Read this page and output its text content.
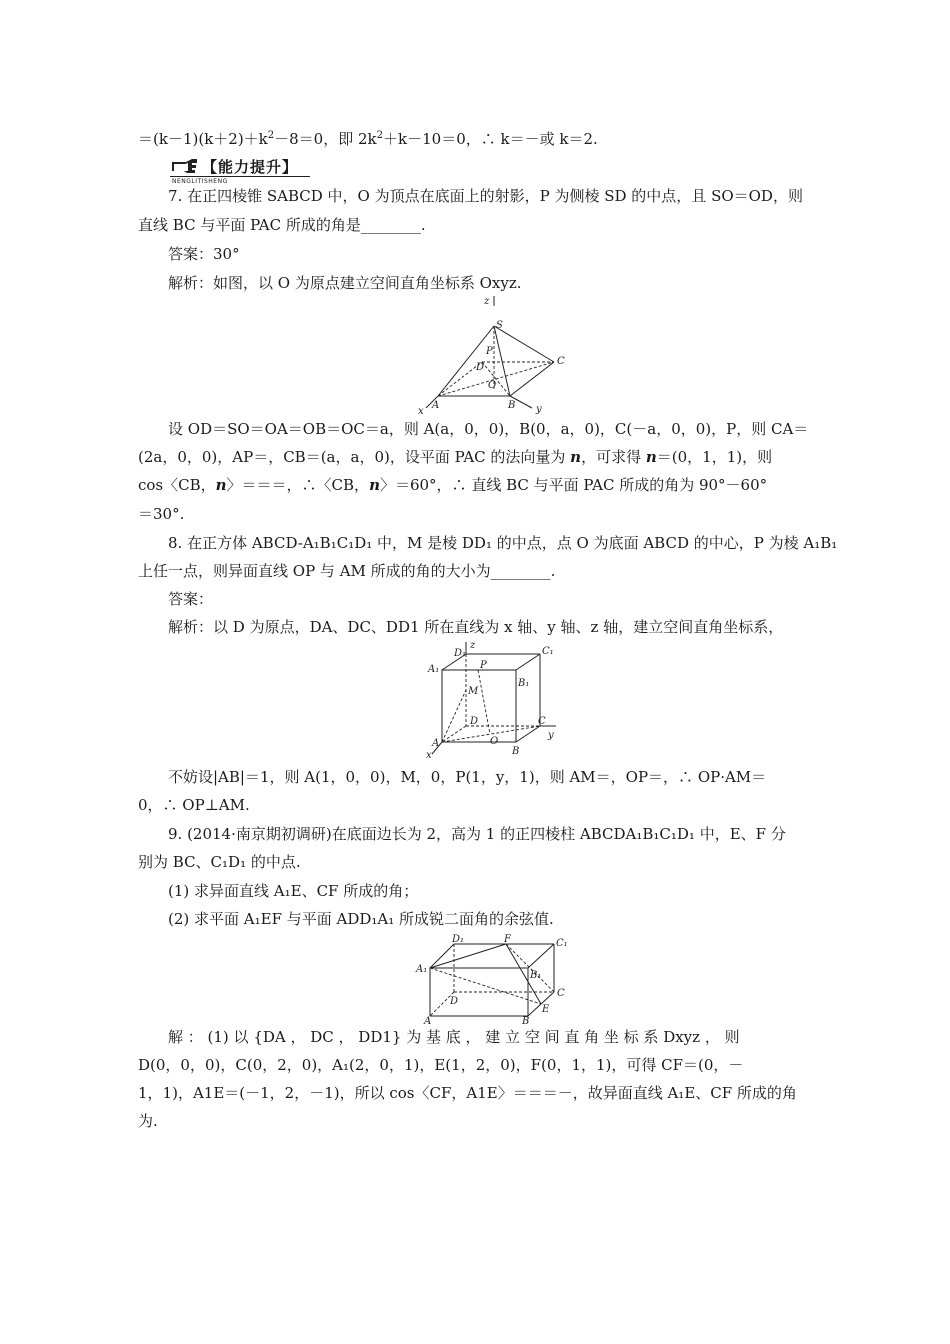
$=(k-1)(k+2)+k^2-8=0$，即 $2k^2+k-10=0$，∴ k＝－或 k＝2.
【能力提升】
NENGLITISHENG
7. 在正四棱锥 SABCD 中，O 为顶点在底面上的射影，P 为侧棱 SD 的中点，且 SO＝OD，则
直线 BC 与平面 PAC 所成的角是________.
答案：30°
解析：如图，以 O 为原点建立空间直角坐标系 Oxyz.
S
P
D
O
C
A	B
x	y
z
设 OD＝SO＝OA＝OB＝OC＝a，则 A(a，0，0)，B(0，a，0)，C(－a，0，0)，P，则 CA＝
(2a，0，0)，AP＝，CB＝(a，a，0)，设平面 PAC 的法向量为 n，可求得 n＝(0，1，1)，则
cos〈CB，n〉＝＝＝，∴〈CB，n〉＝60°，∴ 直线 BC 与平面 PAC 所成的角为 90°－60°
＝30°.
8. 在正方体 ABCD-A₁B₁C₁D₁ 中，M 是棱 DD₁ 的中点，点 O 为底面 ABCD 的中心，P 为棱 A₁B₁
上任一点，则异面直线 OP 与 AM 所成的角的大小为________.
答案：
解析：以 D 为原点，DA、DC、DD1 所在直线为 x 轴、y 轴、z 轴，建立空间直角坐标系，
D₁	C₁
A₁
B₁
P
M
D	C
A	O
B
x
y
z
不妨设|AB|＝1，则 A(1，0，0)，M，0，P(1，y，1)，则 AM＝，OP＝，∴ OP·AM＝
0，∴ OP⊥AM.
9. (2014·南京期初调研)在底面边长为 2，高为 1 的正四棱柱 ABCDA₁B₁C₁D₁ 中，E、F 分
别为 BC、C₁D₁ 的中点.
(1) 求异面直线 A₁E、CF 所成的角；
(2) 求平面 A₁EF 与平面 ADD₁A₁ 所成锐二面角的余弦值.
D₁	F	C₁
A₁
B₁
D
C
A	B
E
解 ： (1) 以 {DA ， DC ， DD1} 为 基 底 ， 建 立 空 间 直 角 坐 标 系 Dxyz ， 则
D(0，0，0)，C(0，2，0)，A₁(2，0，1)，E(1，2，0)，F(0，1，1)，可得 CF＝(0，－
1，1)，A1E＝(－1，2，－1)，所以 cos〈CF，A1E〉＝＝＝－，故异面直线 A₁E、CF 所成的角
为.
